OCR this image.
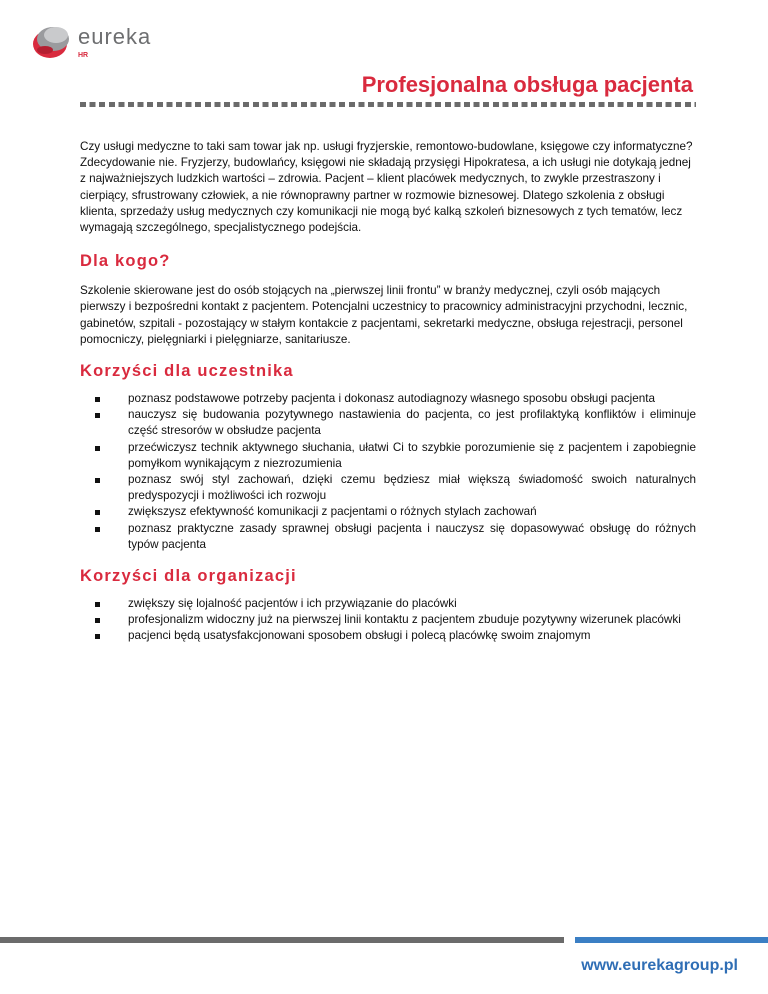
eureka
HR
Profesjonalna obsługa pacjenta

Czy usługi medyczne to taki sam towar jak np. usługi fryzjerskie, remontowo-budowlane, księgowe czy informatyczne? Zdecydowanie nie. Fryzjerzy, budowlańcy, księgowi nie składają przysięgi Hipokratesa, a ich usługi nie dotykają jednej z najważniejszych ludzkich wartości – zdrowia. Pacjent – klient placówek medycznych, to zwykle przestraszony i cierpiący, sfrustrowany człowiek, a nie równoprawny partner w rozmowie biznesowej. Dlatego szkolenia z obsługi klienta, sprzedaży usług medycznych czy komunikacji nie mogą być kalką szkoleń biznesowych z tych tematów, lecz wymagają szczególnego, specjalistycznego podejścia.

Dla kogo?

Szkolenie skierowane jest do osób stojących na „pierwszej linii frontu” w branży medycznej, czyli osób mających pierwszy i bezpośredni kontakt z pacjentem. Potencjalni uczestnicy to pracownicy administracyjni przychodni, lecznic, gabinetów, szpitali - pozostający w stałym kontakcie z pacjentami, sekretarki medyczne, obsługa rejestracji, personel pomocniczy, pielęgniarki i pielęgniarze, sanitariusze.

Korzyści dla uczestnika
poznasz podstawowe potrzeby pacjenta i dokonasz autodiagnozy własnego sposobu obsługi pacjenta
nauczysz się budowania pozytywnego nastawienia do pacjenta, co jest profilaktyką konfliktów i eliminuje część stresorów w obsłudze pacjenta
przećwiczysz technik aktywnego słuchania, ułatwi Ci to szybkie porozumienie się z pacjentem i zapobiegnie pomyłkom wynikającym z niezrozumienia
poznasz swój styl zachowań, dzięki czemu będziesz miał większą świadomość swoich naturalnych predyspozycji i możliwości ich rozwoju
zwiększysz efektywność komunikacji z pacjentami o różnych stylach zachowań
poznasz praktyczne zasady sprawnej obsługi pacjenta i nauczysz się dopasowywać obsługę do różnych typów pacjenta
Korzyści dla organizacji
zwiększy się lojalność pacjentów i ich przywiązanie do placówki
profesjonalizm widoczny już na pierwszej linii kontaktu z pacjentem zbuduje pozytywny wizerunek placówki
pacjenci będą usatysfakcjonowani sposobem obsługi i polecą placówkę swoim znajomym
www.eurekagroup.pl
